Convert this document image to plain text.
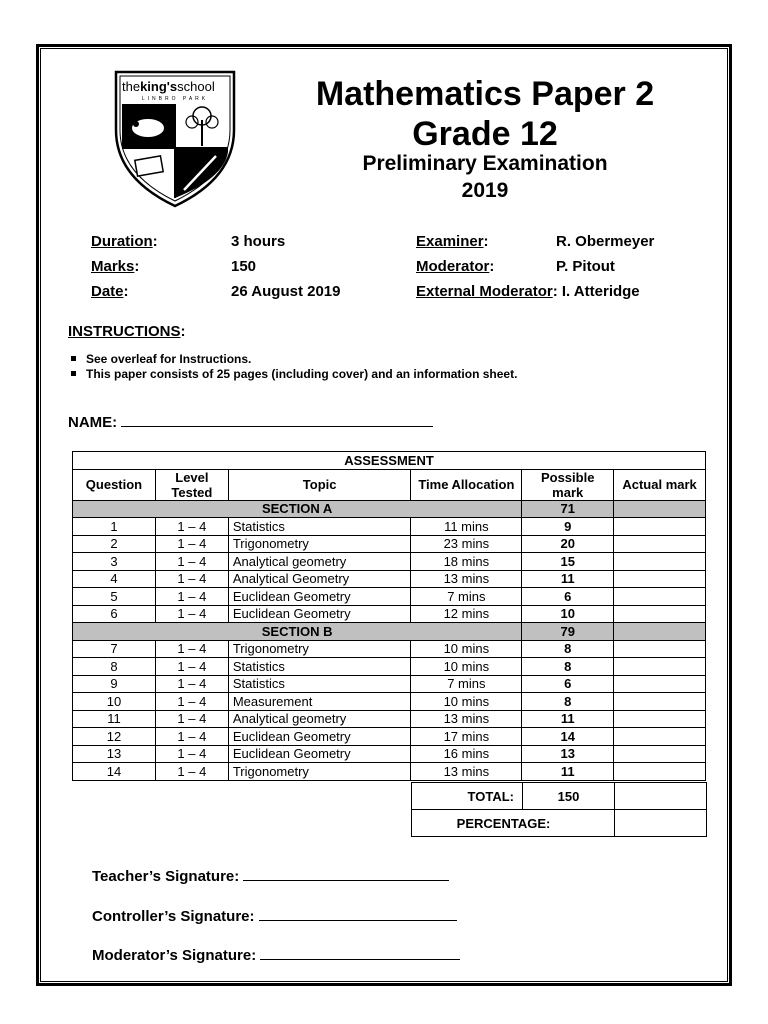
theking'sschool
LINBRO PARK	Mathematics Paper 2
Grade 12
Preliminary Examination
2019
Duration:	3 hours
Marks:	150
Date:	26 August 2019
Examiner:	R. Obermeyer
Moderator:	P. Pitout
External Moderator: I. Atteridge
INSTRUCTIONS:
See overleaf for Instructions.
This paper consists of 25 pages (including cover) and an information sheet.
NAME:
ASSESSMENT					
Question	Level Tested	Topic	Time Allocation	Possible mark	Actual mark
SECTION A				71	
1	1 – 4	Statistics	11 mins	9	
2	1 – 4	Trigonometry	23 mins	20	
3	1 – 4	Analytical geometry	18 mins	15	
4	1 – 4	Analytical Geometry	13 mins	11	
5	1 – 4	Euclidean Geometry	7 mins	6	
6	1 – 4	Euclidean Geometry	12 mins	10	
SECTION B				79	
7	1 – 4	Trigonometry	10 mins	8	
8	1 – 4	Statistics	10 mins	8	
9	1 – 4	Statistics	7 mins	6	
10	1 – 4	Measurement	10 mins	8	
11	1 – 4	Analytical geometry	13 mins	11	
12	1 – 4	Euclidean Geometry	17 mins	14	
13	1 – 4	Euclidean Geometry	16 mins	13	
14	1 – 4	Trigonometry	13 mins	11	
TOTAL:	150	
PERCENTAGE:		
Teacher’s Signature:
Controller’s Signature:
Moderator’s Signature:
